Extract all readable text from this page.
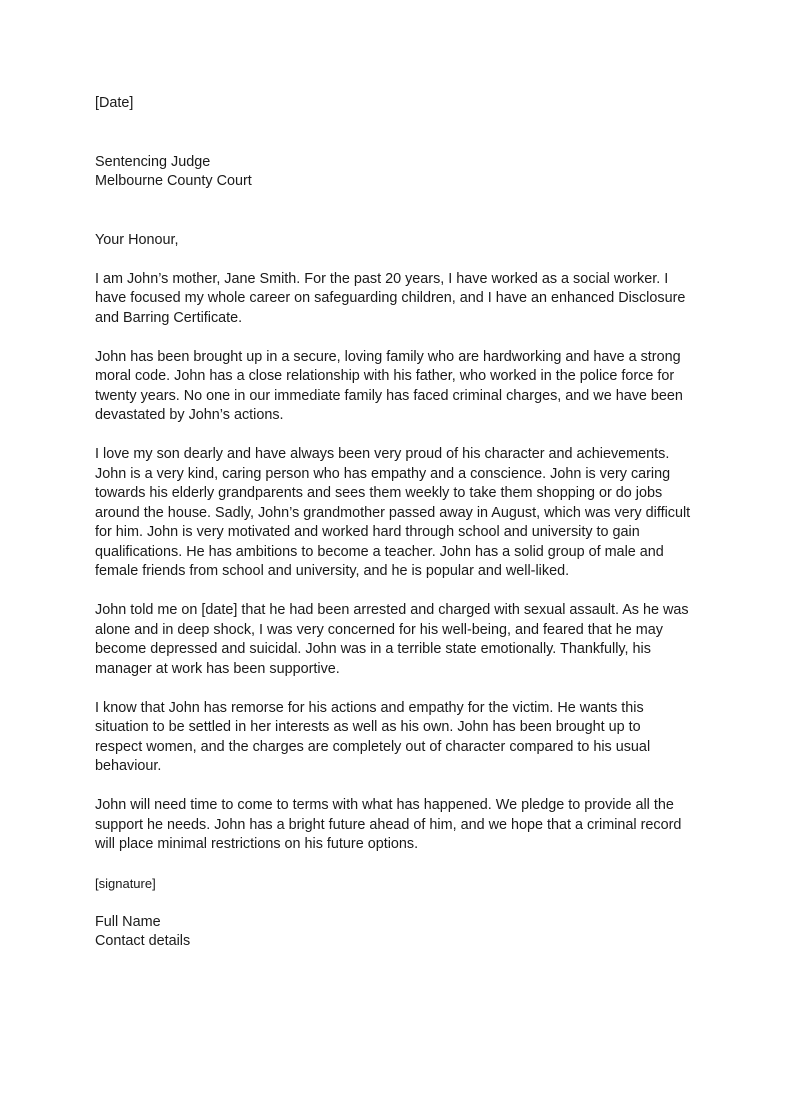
[Date]

Sentencing Judge
Melbourne County Court

Your Honour,

I am John’s mother, Jane Smith. For the past 20 years, I have worked as a social worker. I
have focused my whole career on safeguarding children, and I have an enhanced Disclosure
and Barring Certificate.

John has been brought up in a secure, loving family who are hardworking and have a strong
moral code. John has a close relationship with his father, who worked in the police force for
twenty years. No one in our immediate family has faced criminal charges, and we have been
devastated by John’s actions.

I love my son dearly and have always been very proud of his character and achievements.
John is a very kind, caring person who has empathy and a conscience. John is very caring
towards his elderly grandparents and sees them weekly to take them shopping or do jobs
around the house. Sadly, John’s grandmother passed away in August, which was very difficult
for him. John is very motivated and worked hard through school and university to gain
qualifications. He has ambitions to become a teacher. John has a solid group of male and
female friends from school and university, and he is popular and well-liked.

John told me on [date] that he had been arrested and charged with sexual assault. As he was
alone and in deep shock, I was very concerned for his well-being, and feared that he may
become depressed and suicidal. John was in a terrible state emotionally. Thankfully, his
manager at work has been supportive.

I know that John has remorse for his actions and empathy for the victim. He wants this
situation to be settled in her interests as well as his own. John has been brought up to
respect women, and the charges are completely out of character compared to his usual
behaviour.

John will need time to come to terms with what has happened. We pledge to provide all the
support he needs. John has a bright future ahead of him, and we hope that a criminal record
will place minimal restrictions on his future options.

[signature]

Full Name
Contact details
